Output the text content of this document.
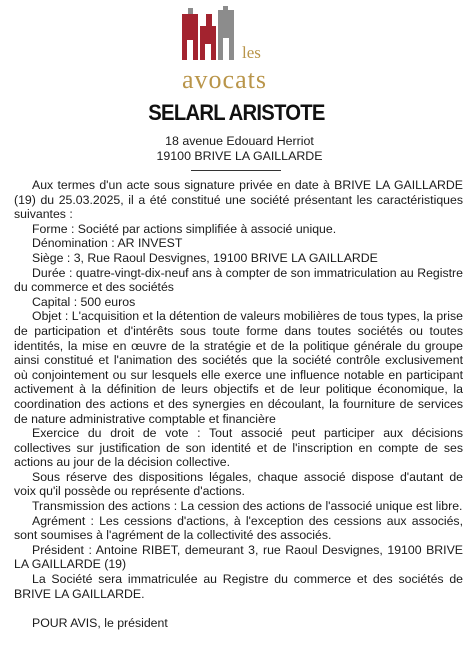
les
avocats
SELARL ARISTOTE
18 avenue Edouard Herriot
19100 BRIVE LA GAILLARDE

Aux termes d'un acte sous signature privée en date à BRIVE LA GAILLARDE (19) du 25.03.2025, il a été constitué une société présentant les caractéristiques suivantes :

Forme : Société par actions simplifiée à associé unique.

Dénomination : AR INVEST

Siège : 3, Rue Raoul Desvignes, 19100 BRIVE LA GAILLARDE

Durée : quatre-vingt-dix-neuf ans à compter de son immatriculation au Registre du commerce et des sociétés

Capital : 500 euros

Objet : L'acquisition et la détention de valeurs mobilières de tous types, la prise de participation et d'intérêts sous toute forme dans toutes sociétés ou toutes identités, la mise en œuvre de la stratégie et de la politique générale du groupe ainsi constitué et l'animation des sociétés que la société contrôle exclusivement où conjointement ou sur lesquels elle exerce une influence notable en participant activement à la définition de leurs objectifs et de leur politique économique, la coordination des actions et des synergies en découlant, la fourniture de services de nature administrative comptable et financière

Exercice du droit de vote : Tout associé peut participer aux décisions collectives sur justification de son identité et de l'inscription en compte de ses actions au jour de la décision collective.

Sous réserve des dispositions légales, chaque associé dispose d'autant de voix qu'il possède ou représente d'actions.

Transmission des actions : La cession des actions de l'associé unique est libre.

Agrément : Les cessions d'actions, à l'exception des cessions aux associés, sont soumises à l'agrément de la collectivité des associés.

Président : Antoine RIBET, demeurant 3, rue Raoul Desvignes, 19100 BRIVE LA GAILLARDE (19)

La Société sera immatriculée au Registre du commerce et des sociétés de BRIVE LA GAILLARDE.

POUR AVIS, le président
